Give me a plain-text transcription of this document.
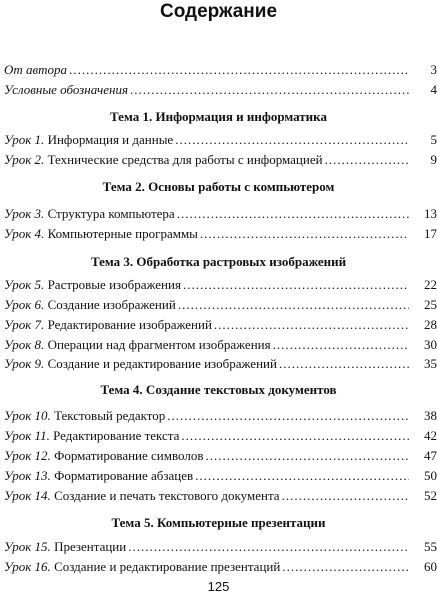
Содержание
От автора .....	3
Условные обозначения .....	4
Тема 1. Информация и информатика
Урок 1. Информация и данные .....	5
Урок 2. Технические средства для работы с информацией .....	9
Тема 2. Основы работы с компьютером
Урок 3. Структура компьютера .....	13
Урок 4. Компьютерные программы .....	17
Тема 3. Обработка растровых изображений
Урок 5. Растровые изображения .....	22
Урок 6. Создание изображений .....	25
Урок 7. Редактирование изображений .....	28
Урок 8. Операции над фрагментом изображения .....	30
Урок 9. Создание и редактирование изображений .....	35
Тема 4. Создание текстовых документов
Урок 10. Текстовый редактор .....	38
Урок 11. Редактирование текста .....	42
Урок 12. Форматирование символов .....	47
Урок 13. Форматирование абзацев .....	50
Урок 14. Создание и печать текстового документа .....	52
Тема 5. Компьютерные презентации
Урок 15. Презентации .....	55
Урок 16. Создание и редактирование презентаций .....	60
125
